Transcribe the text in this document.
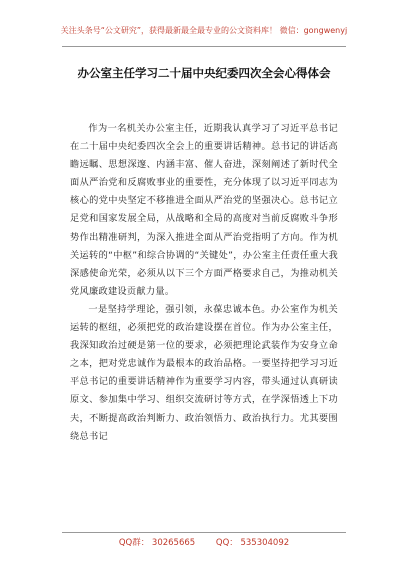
关注头条号“公文研究”，获得最新最全最专业的公文资料库！ 微信：gongwenyj
办公室主任学习二十届中央纪委四次全会心得体会

作为一名机关办公室主任，近期我认真学习了习近平总书记在二十届中央纪委四次全会上的重要讲话精神。总书记的讲话高瞻远瞩、思想深邃、内涵丰富、催人奋进，深刻阐述了新时代全面从严治党和反腐败事业的重要性，充分体现了以习近平同志为核心的党中央坚定不移推进全面从严治党的坚强决心。总书记立足党和国家发展全局，从战略和全局的高度对当前反腐败斗争形势作出精准研判，为深入推进全面从严治党指明了方向。作为机关运转的“中枢”和综合协调的“关键处”，办公室主任责任重大我深感使命光荣，必须从以下三个方面严格要求自己，为推动机关党风廉政建设贡献力量。

一是坚持学理论，强引领，永葆忠诚本色。办公室作为机关运转的枢纽，必须把党的政治建设摆在首位。作为办公室主任，我深知政治过硬是第一位的要求，必须把理论武装作为安身立命之本，把对党忠诚作为最根本的政治品格。一要坚持把学习习近平总书记的重要讲话精神作为重要学习内容，带头通过认真研读原文、参加集中学习、组织交流研讨等方式，在学深悟透上下功夫，不断提高政治判断力、政治领悟力、政治执行力。尤其要围绕总书记

QQ群： 30265665 QQ： 535304092
